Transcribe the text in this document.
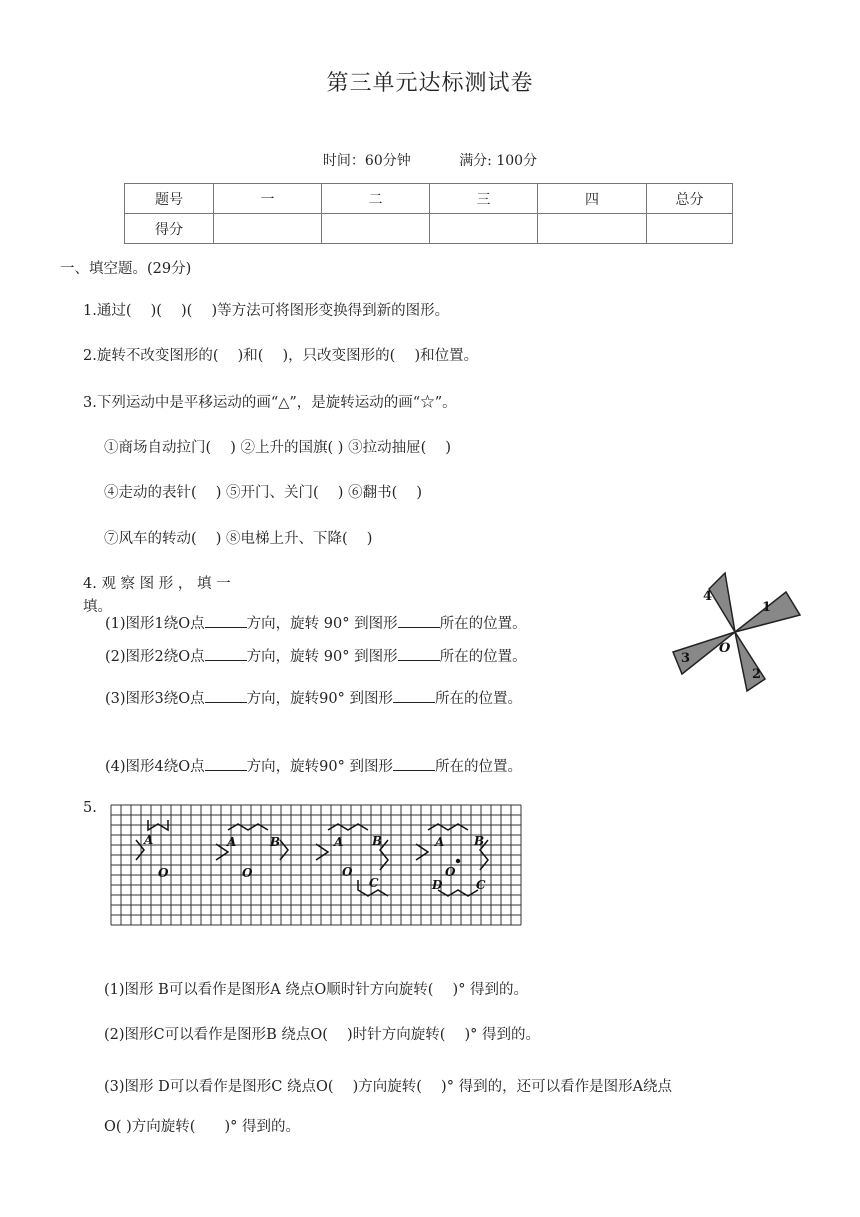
第三单元达标测试卷
时间：60分钟	满分: 100分
题号	一	二	三	四	总分
得分					
一、填空题。(29分)
1.通过(　 )(　 )(　 )等方法可将图形变换得到新的图形。
2.旋转不改变图形的(　 )和(　 )，只改变图形的(　 )和位置。
3.下列运动中是平移运动的画“△”，是旋转运动的画“☆”。
①商场自动拉门(　 ) ②上升的国旗( ) ③拉动抽屉(　 )
④走动的表针(　 ) ⑤开门、关门(　 ) ⑥翻书(　 )
⑦风车的转动(　 ) ⑧电梯上升、下降(　 )
4. 观 察 图 形 ， 填 一
填。
(1)图形1绕O点	方向，旋转 90° 到图形	所在的位置。
(2)图形2绕O点	方向，旋转 90° 到图形	所在的位置。
(3)图形3绕O点	方向，旋转90° 到图形	所在的位置。
(4)图形4绕O点	方向，旋转90° 到图形	所在的位置。
1
2
3
4
O
5.
A
O
A	B
O
A B
O
C
A B
O
D	C
(1)图形 B可以看作是图形A 绕点O顺时针方向旋转(　 )° 得到的。
(2)图形C可以看作是图形B 绕点O(　 )时针方向旋转(　 )° 得到的。
(3)图形 D可以看作是图形C 绕点O(　 )方向旋转(　 )° 得到的，还可以看作是图形A绕点
O( )方向旋转(　　)° 得到的。
